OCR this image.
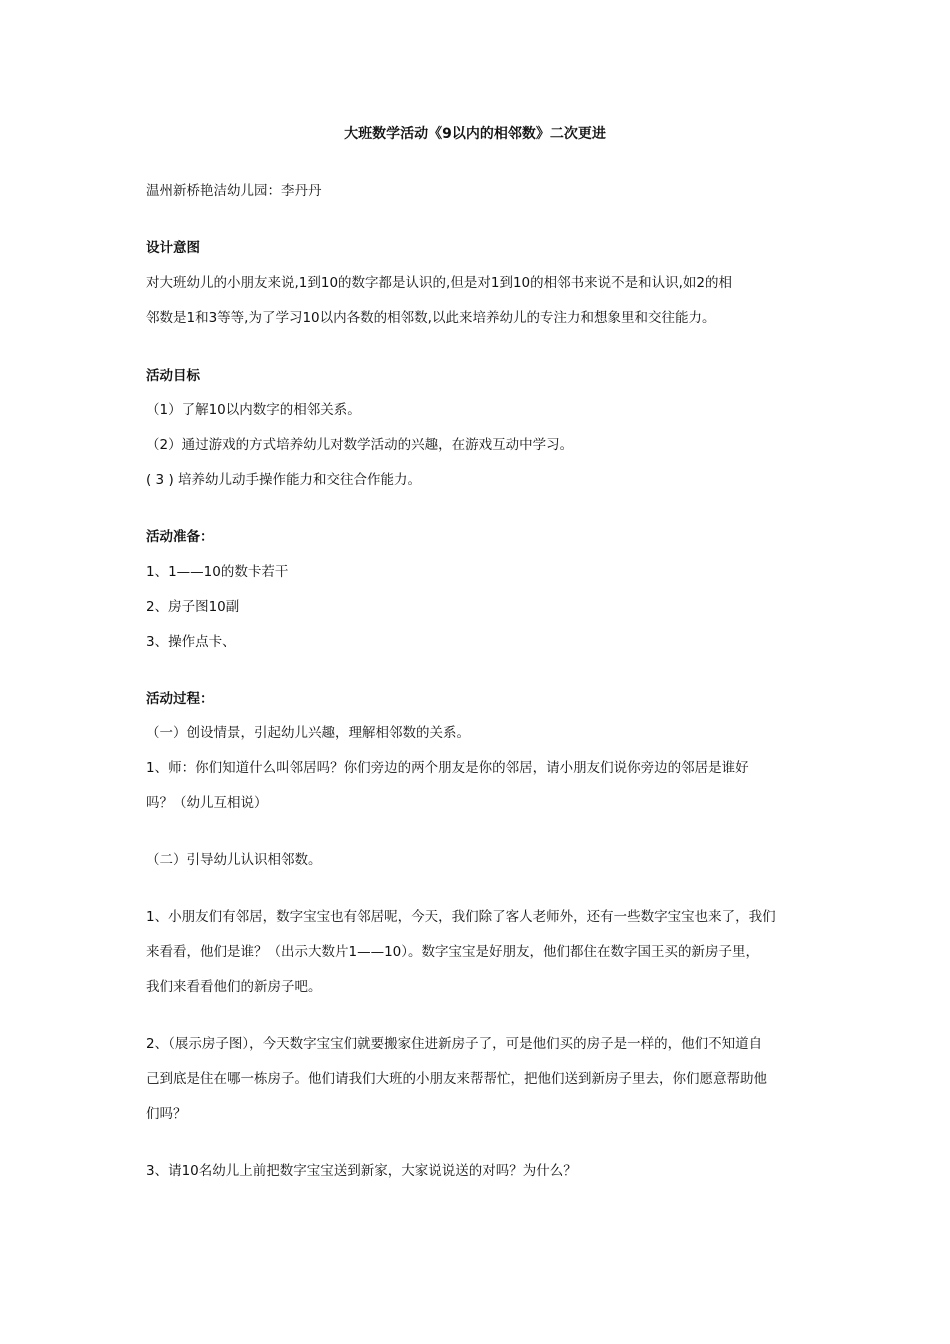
大班数学活动《9以内的相邻数》二次更进
温州新桥艳洁幼儿园：李丹丹
设计意图
对大班幼儿的小朋友来说,1到10的数字都是认识的,但是对1到10的相邻书来说不是和认识,如2的相
邻数是1和3等等,为了学习10以内各数的相邻数,以此来培养幼儿的专注力和想象里和交往能力。
活动目标
（1）了解10以内数字的相邻关系。
（2）通过游戏的方式培养幼儿对数学活动的兴趣，在游戏互动中学习。
( 3 ) 培养幼儿动手操作能力和交往合作能力。
活动准备：
1、1——10的数卡若干
2、房子图10副
3、操作点卡、
活动过程：
（一）创设情景，引起幼儿兴趣，理解相邻数的关系。
1、师：你们知道什么叫邻居吗？你们旁边的两个朋友是你的邻居，请小朋友们说你旁边的邻居是谁好
吗？（幼儿互相说）
（二）引导幼儿认识相邻数。
1、小朋友们有邻居，数字宝宝也有邻居呢，今天，我们除了客人老师外，还有一些数字宝宝也来了，我们
来看看，他们是谁？（出示大数片1——10）。数字宝宝是好朋友，他们都住在数字国王买的新房子里，
我们来看看他们的新房子吧。
2、（展示房子图），今天数字宝宝们就要搬家住进新房子了，可是他们买的房子是一样的，他们不知道自
己到底是住在哪一栋房子。他们请我们大班的小朋友来帮帮忙，把他们送到新房子里去，你们愿意帮助他
们吗？
3、请10名幼儿上前把数字宝宝送到新家，大家说说送的对吗？为什么？
